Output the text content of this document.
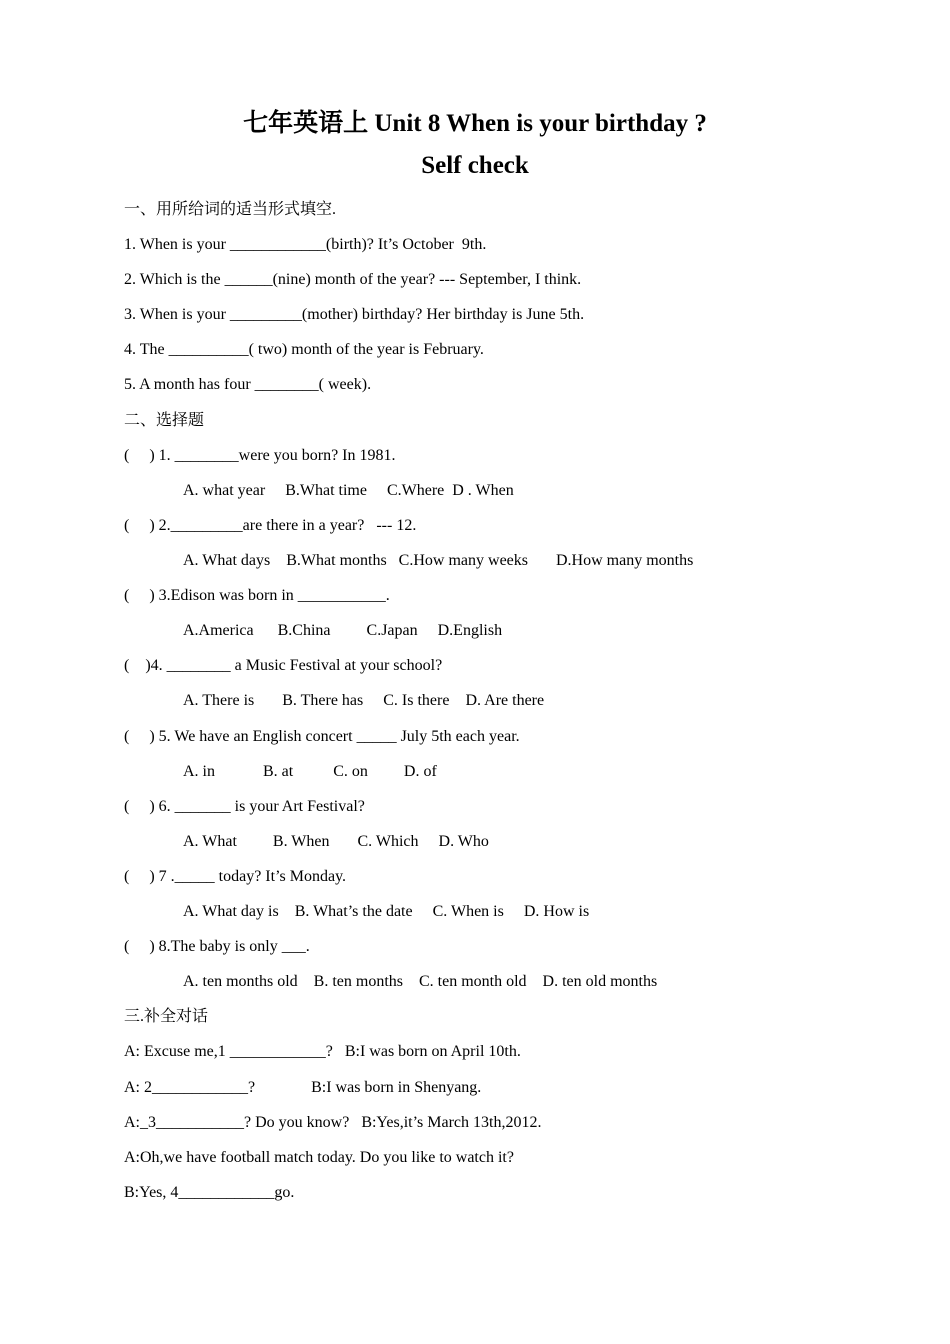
七年英语上 Unit 8 When is your birthday ?
Self check
一、用所给词的适当形式填空.
1. When is your ____________(birth)? It’s October  9th.
2. Which is the ______(nine) month of the year? --- September, I think.
3. When is your _________(mother) birthday? Her birthday is June 5th.
4. The __________( two) month of the year is February.
5. A month has four ________( week).
二、选择题
(     ) 1. ________were you born? In 1981.
A. what year     B.What time     C.Where  D . When
(     ) 2._________are there in a year?   --- 12.
A. What days    B.What months   C.How many weeks       D.How many months
(     ) 3.Edison was born in ___________.
A.America      B.China         C.Japan     D.English
(    )4. ________ a Music Festival at your school?
A. There is       B. There has     C. Is there    D. Are there
(     ) 5. We have an English concert _____ July 5th each year.
A. in            B. at          C. on         D. of
(     ) 6. _______ is your Art Festival?
A. What         B. When       C. Which     D. Who
(     ) 7 ._____ today? It’s Monday.
A. What day is    B. What’s the date     C. When is     D. How is
(     ) 8.The baby is only ___.
A. ten months old    B. ten months    C. ten month old    D. ten old months
三.补全对话
A: Excuse me,1 ____________?   B:I was born on April 10th.
A: 2____________?              B:I was born in Shenyang.
A:_3___________? Do you know?   B:Yes,it’s March 13th,2012.
A:Oh,we have football match today. Do you like to watch it?
B:Yes, 4____________go.
